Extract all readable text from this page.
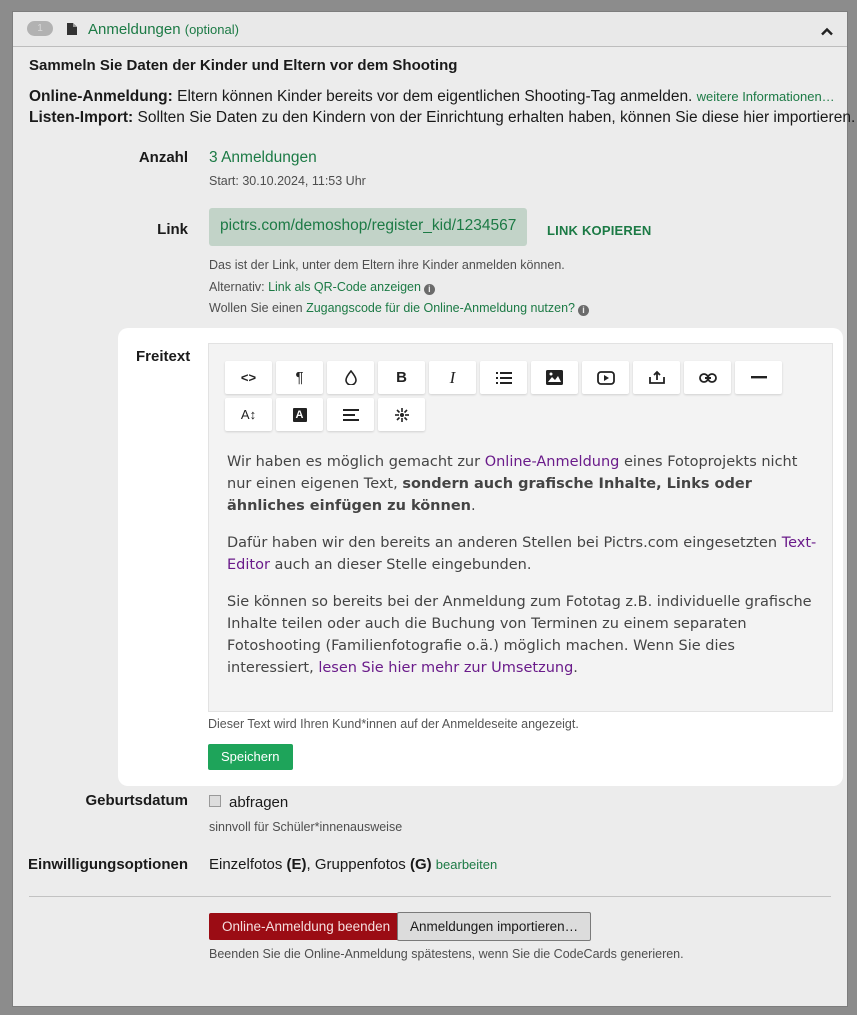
1	Anmeldungen (optional)
Sammeln Sie Daten der Kinder und Eltern vor dem Shooting
Online-Anmeldung: Eltern können Kinder bereits vor dem eigentlichen Shooting-Tag anmelden. weitere Informationen…
Listen-Import: Sollten Sie Daten zu den Kindern von der Einrichtung erhalten haben, können Sie diese hier importieren.
Anzahl 3 Anmeldungen
Start: 30.10.2024, 11:53 Uhr
Link	pictrs.com/demoshop/register_kid/1234567	LINK KOPIEREN
Das ist der Link, unter dem Eltern ihre Kinder anmelden können.
Alternativ: Link als QR-Code anzeigen i
Wollen Sie einen Zugangscode für die Online-Anmeldung nutzen? i
Geburtsdatum	abfragen
sinnvoll für Schüler*innenausweise
Einwilligungsoptionen Einzelfotos (E), Gruppenfotos (G) bearbeiten
Online-Anmeldung beenden	Anmeldungen importieren…
Beenden Sie die Online-Anmeldung spätestens, wenn Sie die CodeCards generieren.
Freitext
<>	¶	B	I
A↕	A

Wir haben es möglich gemacht zur Online-Anmeldung eines Fotoprojekts nicht nur einen eigenen Text, sondern auch grafische Inhalte, Links oder ähnliches einfügen zu können.

Dafür haben wir den bereits an anderen Stellen bei Pictrs.com eingesetzten Text-Editor auch an dieser Stelle eingebunden.

Sie können so bereits bei der Anmeldung zum Fototag z.B. individuelle grafische Inhalte teilen oder auch die Buchung von Terminen zu einem separaten Fotoshooting (Familienfotografie o.ä.) möglich machen. Wenn Sie dies interessiert, lesen Sie hier mehr zur Umsetzung.

Dieser Text wird Ihren Kund*innen auf der Anmeldeseite angezeigt.
Speichern
